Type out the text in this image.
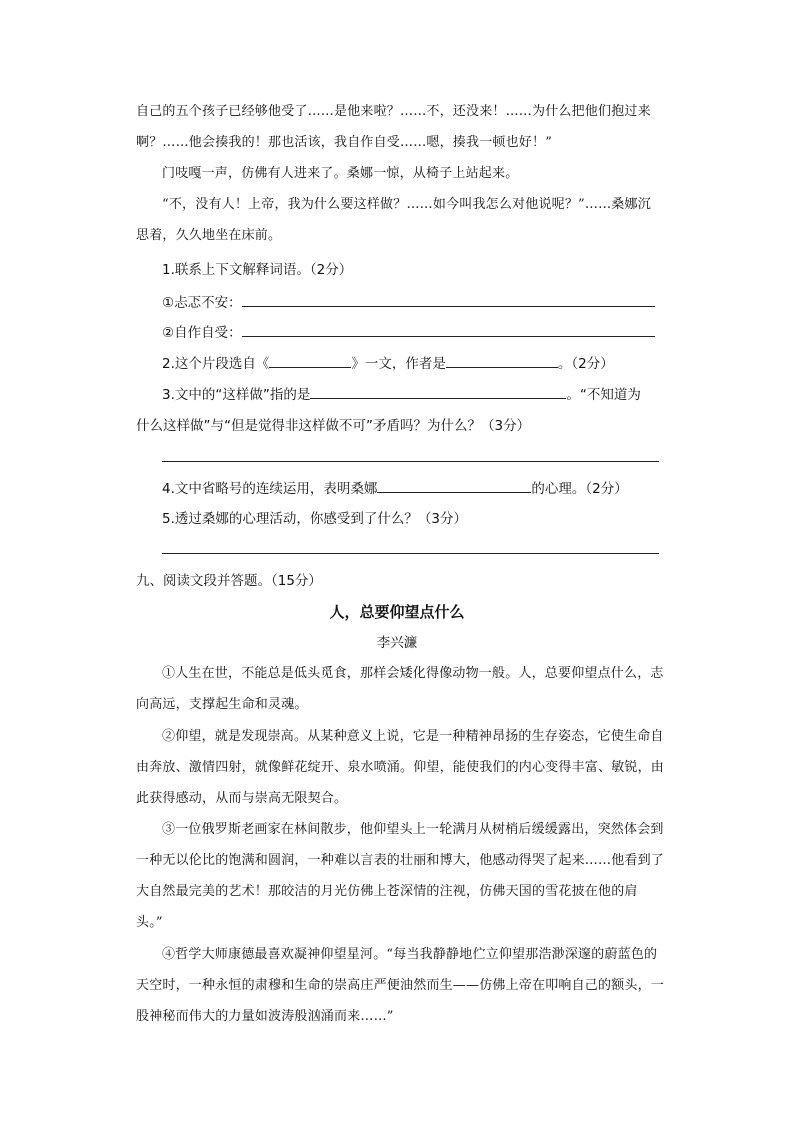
自己的五个孩子已经够他受了……是他来啦？……不，还没来！……为什么把他们抱过来啊？……他会揍我的！那也活该，我自作自受……嗯，揍我一顿也好！”

门吱嘎一声，仿佛有人进来了。桑娜一惊，从椅子上站起来。

“不，没有人！上帝，我为什么要这样做？……如今叫我怎么对他说呢？”……桑娜沉思着，久久地坐在床前。

1.联系上下文解释词语。（2分）
①忐忑不安：
②自作自受：
2.这个片段选自《	》一文，作者是	。（2分）
3.文中的“这样做”指的是	。“不知道为
什么这样做”与“但是觉得非这样做不可”矛盾吗？为什么？（3分）
4.文中省略号的连续运用，表明桑娜	的心理。（2分）
5.透过桑娜的心理活动，你感受到了什么？（3分）
九、阅读文段并答题。（15分）
人，总要仰望点什么
李兴濂

①人生在世，不能总是低头觅食，那样会矮化得像动物一般。人，总要仰望点什么，志向高远，支撑起生命和灵魂。

②仰望，就是发现崇高。从某种意义上说，它是一种精神昂扬的生存姿态，它使生命自由奔放、激情四射，就像鲜花绽开、泉水喷涌。仰望，能使我们的内心变得丰富、敏锐，由此获得感动，从而与崇高无限契合。

③一位俄罗斯老画家在林间散步，他仰望头上一轮满月从树梢后缓缓露出，突然体会到一种无以伦比的饱满和圆润，一种难以言表的壮丽和博大，他感动得哭了起来……他看到了大自然最完美的艺术！那皎洁的月光仿佛上苍深情的注视，仿佛天国的雪花披在他的肩头。”

④哲学大师康德最喜欢凝神仰望星河。“每当我静静地伫立仰望那浩渺深邃的蔚蓝色的天空时，一种永恒的肃穆和生命的崇高庄严便油然而生——仿佛上帝在叩响自己的额头，一股神秘而伟大的力量如波涛般汹涌而来……”
